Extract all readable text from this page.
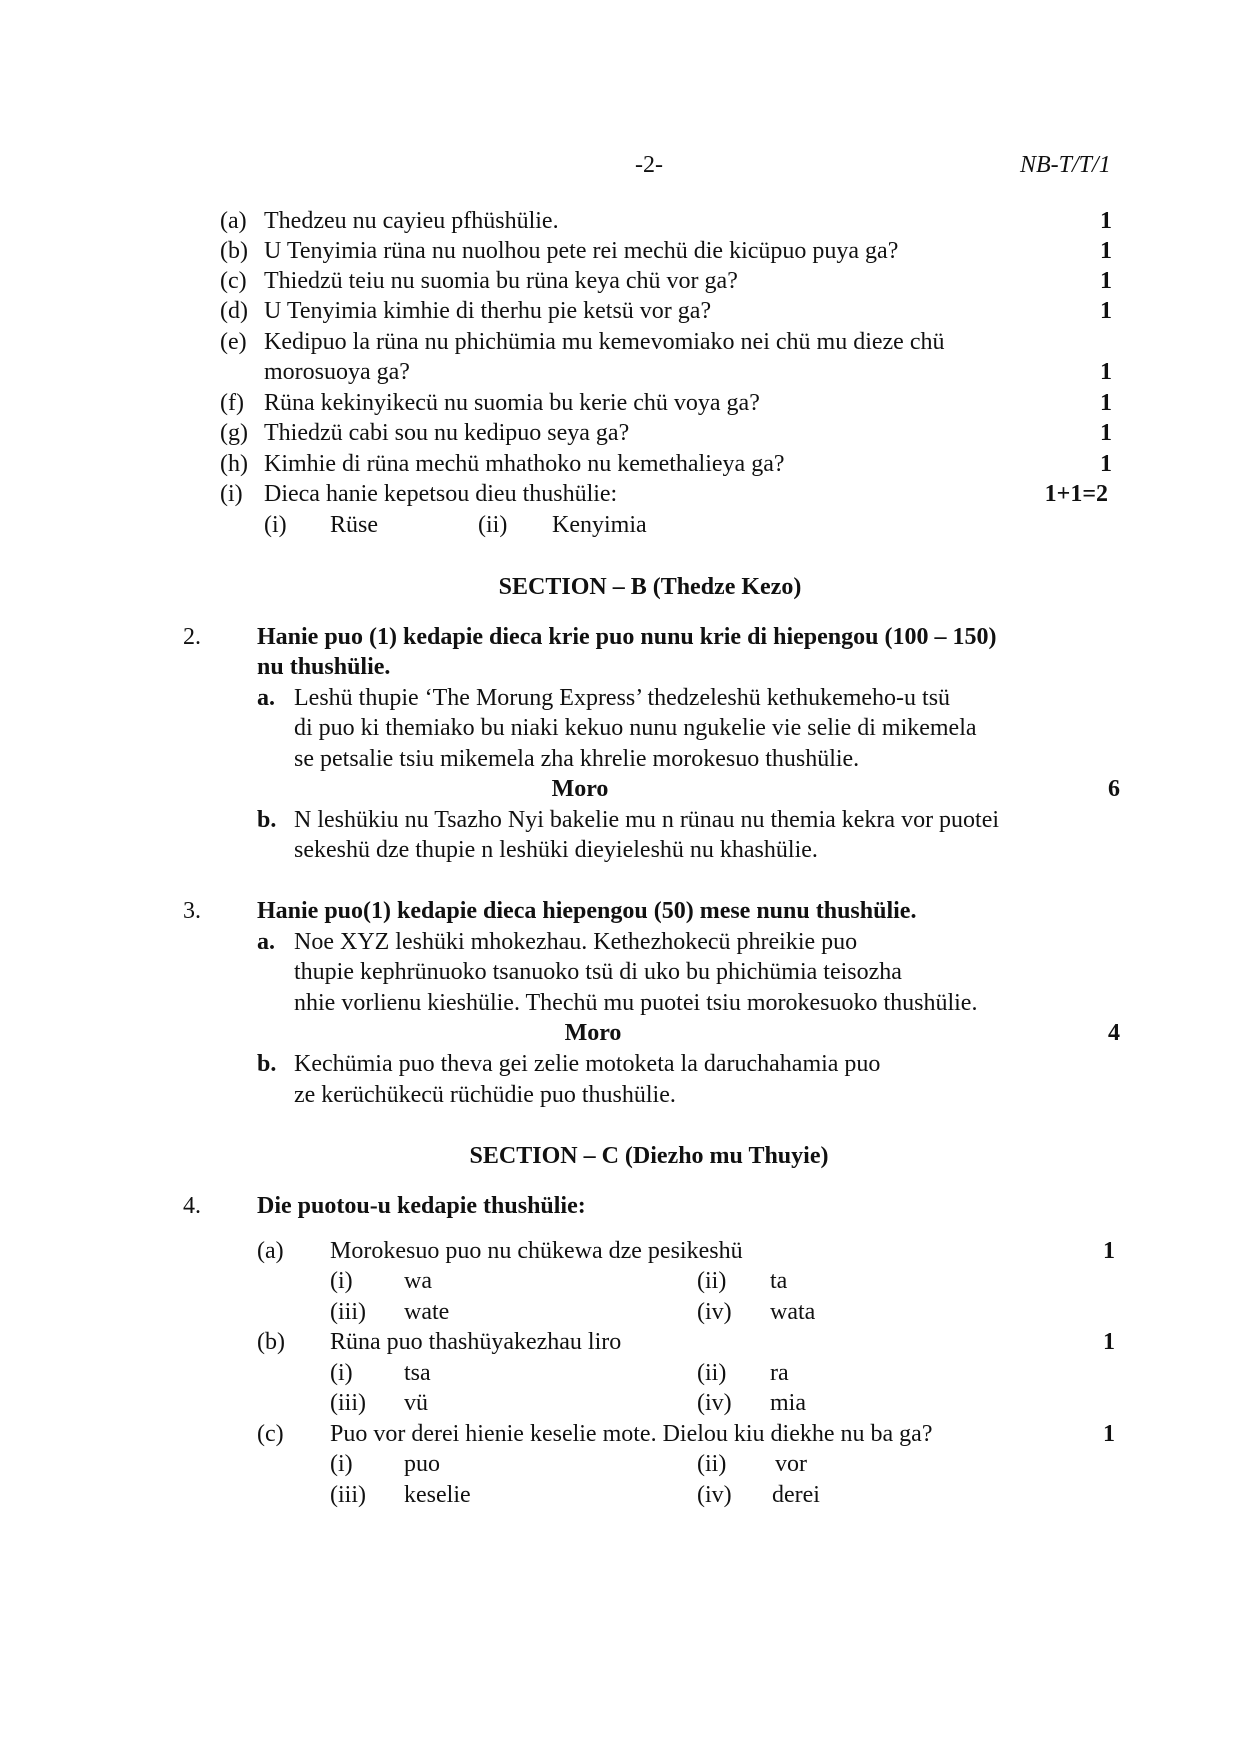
-2-	NB-T/T/1
(a) Thedzeu nu cayieu pfhüshülie.	1
(b) U Tenyimia rüna nu nuolhou pete rei mechü die kicüpuo puya ga?	1
(c) Thiedzü teiu nu suomia bu rüna keya chü vor ga?	1
(d) U Tenyimia kimhie di therhu pie ketsü vor ga?	1
(e) Kedipuo la rüna nu phichümia mu kemevomiako nei chü mu dieze chü
morosuoya ga?	1
(f) Rüna kekinyikecü nu suomia bu kerie chü voya ga?	1
(g) Thiedzü cabi sou nu kedipuo seya ga?	1
(h) Kimhie di rüna mechü mhathoko nu kemethalieya ga?	1
(i) Dieca hanie kepetsou dieu thushülie:	1+1=2
(i) Rüse	(ii) Kenyimia
SECTION – B (Thedze Kezo)
2. Hanie puo (1) kedapie dieca krie puo nunu krie di hiepengou (100 – 150)
nu thushülie.
a. Leshü thupie ‘The Morung Express’ thedzeleshü kethukemeho-u tsü
di puo ki themiako bu niaki kekuo nunu ngukelie vie selie di mikemela
se petsalie tsiu mikemela zha khrelie morokesuo thushülie.
Moro	6
b. N leshükiu nu Tsazho Nyi bakelie mu n rünau nu themia kekra vor puotei
sekeshü dze thupie n leshüki dieyieleshü nu khashülie.
3. Hanie puo(1) kedapie dieca hiepengou (50) mese nunu thushülie.
a. Noe XYZ leshüki mhokezhau. Kethezhokecü phreikie puo
thupie kephrünuoko tsanuoko tsü di uko bu phichümia teisozha
nhie vorlienu kieshülie. Thechü mu puotei tsiu morokesuoko thushülie.
Moro	4
b. Kechümia puo theva gei zelie motoketa la daruchahamia puo
ze kerüchükecü rüchüdie puo thushülie.
SECTION – C (Diezho mu Thuyie)
4. Die puotou-u kedapie thushülie:
(a) Morokesuo puo nu chükewa dze pesikeshü	1
(i) wa	(ii) ta
(iii) wate	(iv) wata
(b) Rüna puo thashüyakezhau liro	1
(i) tsa	(ii) ra
(iii) vü	(iv) mia
(c) Puo vor derei hienie keselie mote. Dielou kiu diekhe nu ba ga?	1
(i) puo	(ii) vor
(iii) keselie	(iv) derei
